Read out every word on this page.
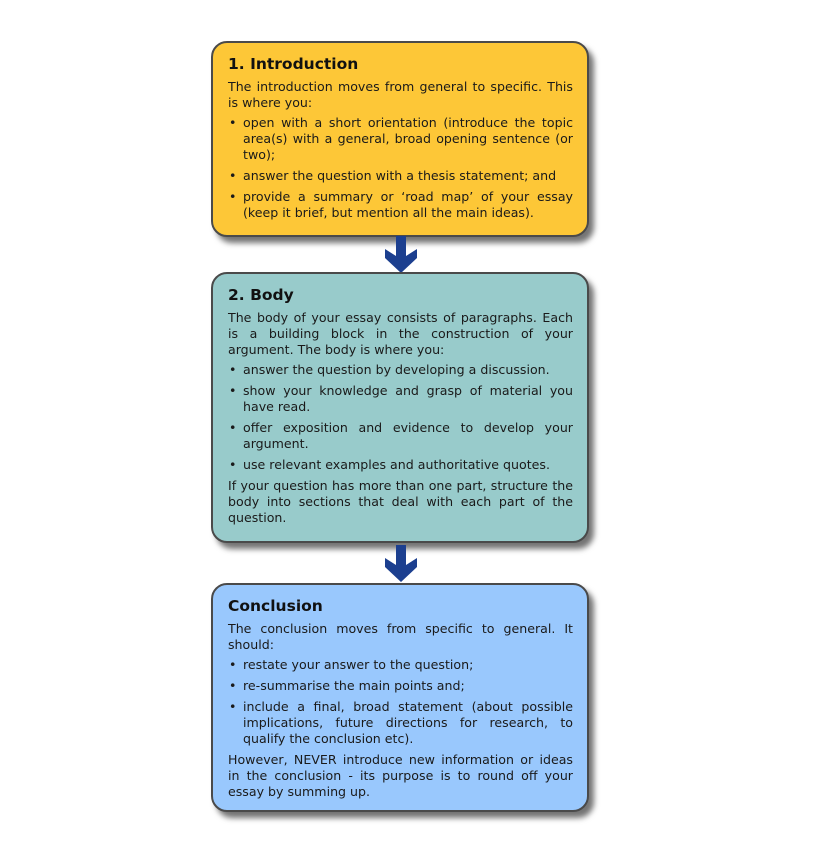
1. Introduction

The introduction moves from general to specific. This is where you:

• open with a short orientation (introduce the topic area(s) with a general, broad opening sentence (or two);
• answer the question with a thesis statement; and
• provide a summary or ‘road map’ of your essay (keep it brief, but mention all the main ideas).
2. Body

The body of your essay consists of paragraphs. Each is a building block in the construction of your argument. The body is where you:

• answer the question by developing a discussion.
• show your knowledge and grasp of material you have read.
• offer exposition and evidence to develop your argument.
• use relevant examples and authoritative quotes.

If your question has more than one part, structure the body into sections that deal with each part of the question.

Conclusion

The conclusion moves from specific to general. It should:

• restate your answer to the question;
• re-summarise the main points and;
• include a final, broad statement (about possible implications, future directions for research, to qualify the conclusion etc).

However, NEVER introduce new information or ideas in the conclusion - its purpose is to round off your essay by summing up.
